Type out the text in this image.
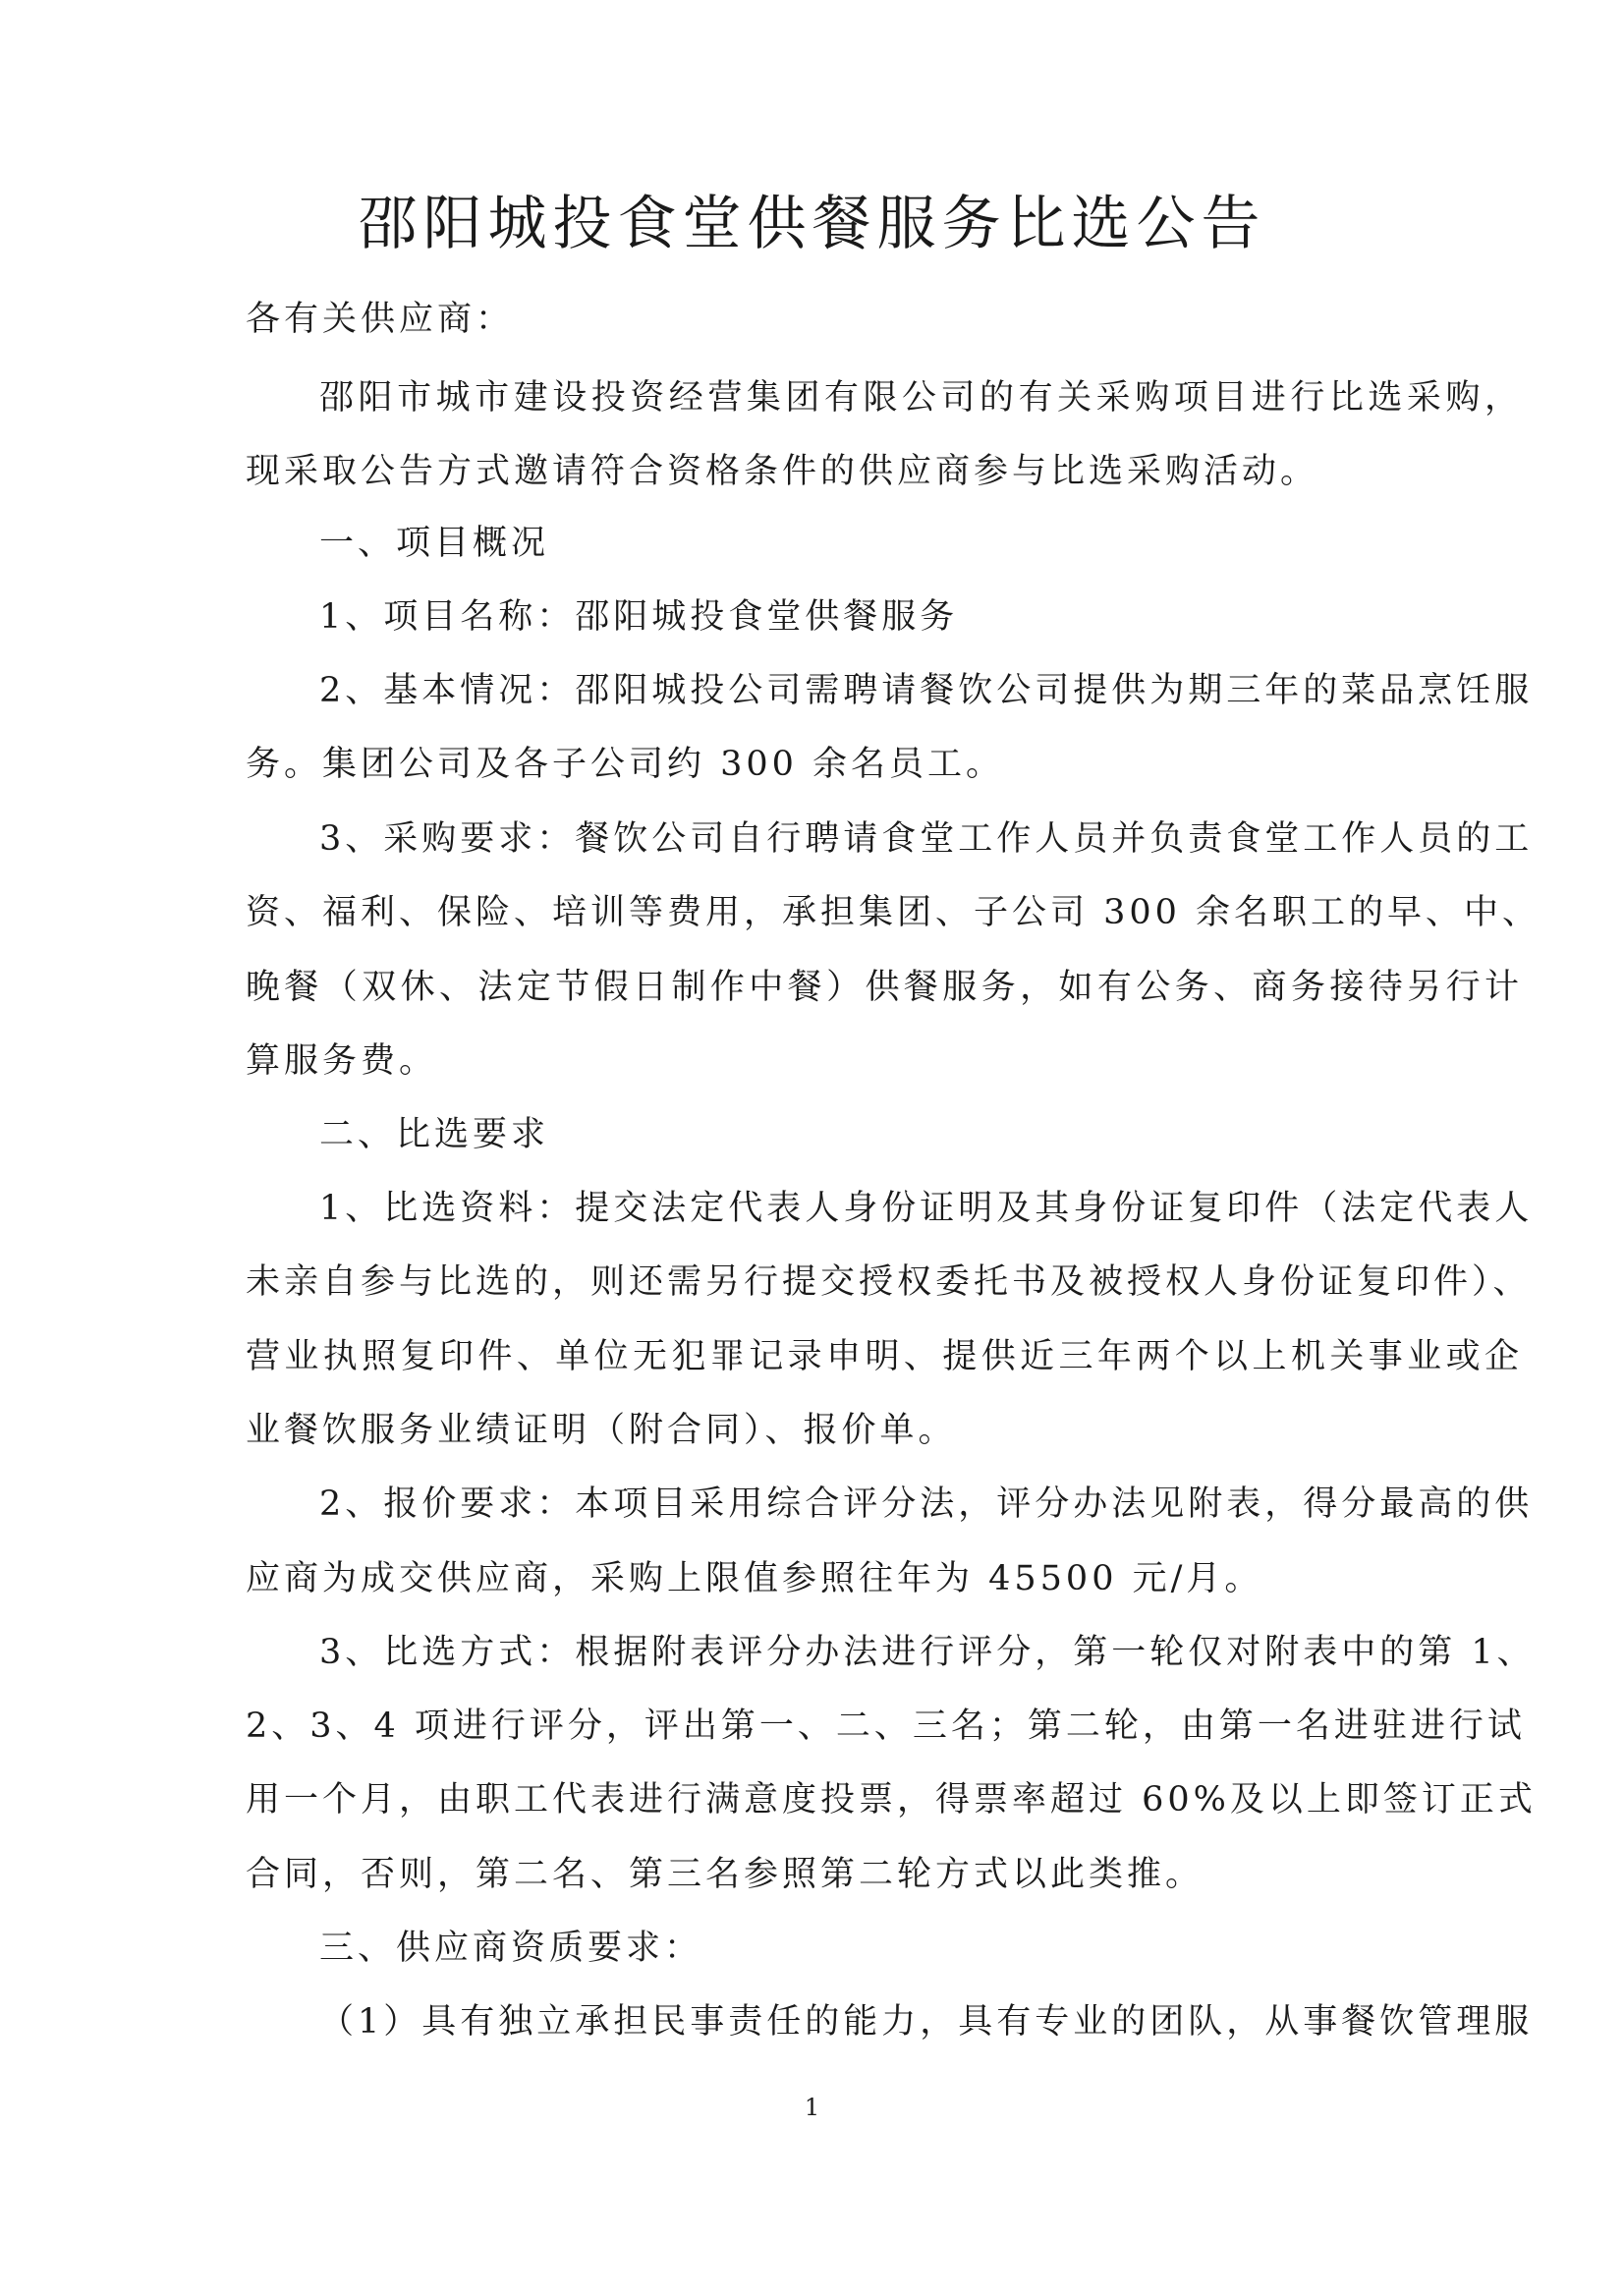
邵阳城投食堂供餐服务比选公告

各有关供应商：

邵阳市城市建设投资经营集团有限公司的有关采购项目进行比选采购，

现采取公告方式邀请符合资格条件的供应商参与比选采购活动。

一、项目概况

1、项目名称：邵阳城投食堂供餐服务

2、基本情况：邵阳城投公司需聘请餐饮公司提供为期三年的菜品烹饪服

务。集团公司及各子公司约 300 余名员工。

3、采购要求：餐饮公司自行聘请食堂工作人员并负责食堂工作人员的工

资、福利、保险、培训等费用，承担集团、子公司 300 余名职工的早、中、

晚餐（双休、法定节假日制作中餐）供餐服务，如有公务、商务接待另行计

算服务费。

二、比选要求

1、比选资料：提交法定代表人身份证明及其身份证复印件（法定代表人

未亲自参与比选的，则还需另行提交授权委托书及被授权人身份证复印件）、

营业执照复印件、单位无犯罪记录申明、提供近三年两个以上机关事业或企

业餐饮服务业绩证明（附合同）、报价单。

2、报价要求：本项目采用综合评分法，评分办法见附表，得分最高的供

应商为成交供应商，采购上限值参照往年为 45500 元/月。

3、比选方式：根据附表评分办法进行评分，第一轮仅对附表中的第 1、

2、3、4 项进行评分，评出第一、二、三名；第二轮，由第一名进驻进行试

用一个月，由职工代表进行满意度投票，得票率超过 60%及以上即签订正式

合同，否则，第二名、第三名参照第二轮方式以此类推。

三、供应商资质要求：

（1）具有独立承担民事责任的能力，具有专业的团队，从事餐饮管理服

1
